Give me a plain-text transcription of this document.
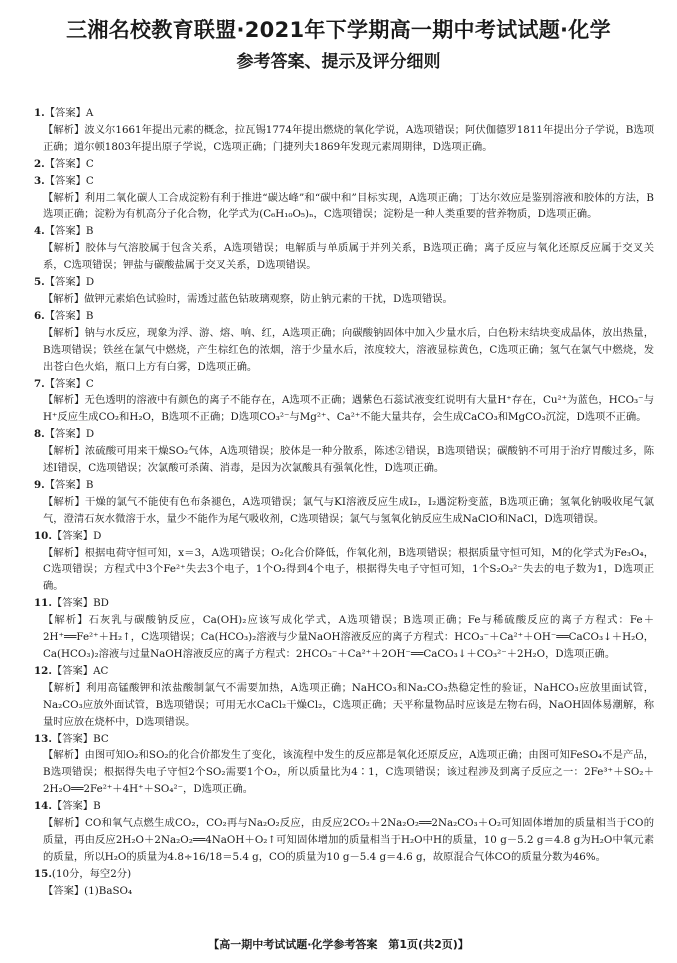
三湘名校教育联盟·2021年下学期高一期中考试试题·化学
参考答案、提示及评分细则

1.【答案】A

【解析】波义尔1661年提出元素的概念，拉瓦锡1774年提出燃烧的氧化学说，A选项错误；阿伏伽德罗1811年提出分子学说，B选项正确；道尔顿1803年提出原子学说，C选项正确；门捷列夫1869年发现元素周期律，D选项正确。

2.【答案】C

3.【答案】C

【解析】利用二氧化碳人工合成淀粉有利于推进“碳达峰”和“碳中和”目标实现，A选项正确；丁达尔效应是鉴别溶液和胶体的方法，B选项正确；淀粉为有机高分子化合物，化学式为(C₆H₁₀O₅)ₙ，C选项错误；淀粉是一种人类重要的营养物质，D选项正确。

4.【答案】B

【解析】胶体与气溶胶属于包含关系，A选项错误；电解质与单质属于并列关系，B选项正确；离子反应与氧化还原反应属于交叉关系，C选项错误；钾盐与碳酸盐属于交叉关系，D选项错误。

5.【答案】D

【解析】做钾元素焰色试验时，需透过蓝色钴玻璃观察，防止钠元素的干扰，D选项错误。

6.【答案】B

【解析】钠与水反应，现象为浮、游、熔、响、红，A选项正确；向碳酸钠固体中加入少量水后，白色粉末结块变成晶体，放出热量，B选项错误；铁丝在氯气中燃烧，产生棕红色的浓烟，溶于少量水后，浓度较大，溶液显棕黄色，C选项正确；氢气在氯气中燃烧，发出苍白色火焰，瓶口上方有白雾，D选项正确。

7.【答案】C

【解析】无色透明的溶液中有颜色的离子不能存在，A选项不正确；遇紫色石蕊试液变红说明有大量H⁺存在，Cu²⁺为蓝色，HCO₃⁻与H⁺反应生成CO₂和H₂O，B选项不正确；D选项CO₃²⁻与Mg²⁺、Ca²⁺不能大量共存，会生成CaCO₃和MgCO₃沉淀，D选项不正确。

8.【答案】D

【解析】浓硫酸可用来干燥SO₂气体，A选项错误；胶体是一种分散系，陈述②错误，B选项错误；碳酸钠不可用于治疗胃酸过多，陈述Ⅰ错误，C选项错误；次氯酸可杀菌、消毒，是因为次氯酸具有强氧化性，D选项正确。

9.【答案】B

【解析】干燥的氯气不能使有色布条褪色，A选项错误；氯气与KI溶液反应生成I₂，I₂遇淀粉变蓝，B选项正确；氢氧化钠吸收尾气氯气，澄清石灰水微溶于水，量少不能作为尾气吸收剂，C选项错误；氯气与氢氧化钠反应生成NaClO和NaCl，D选项错误。

10.【答案】D

【解析】根据电荷守恒可知，x＝3，A选项错误；O₂化合价降低，作氧化剂，B选项错误；根据质量守恒可知，M的化学式为Fe₃O₄，C选项错误；方程式中3个Fe²⁺失去3个电子，1个O₂得到4个电子，根据得失电子守恒可知，1个S₂O₃²⁻失去的电子数为1，D选项正确。

11.【答案】BD

【解析】石灰乳与碳酸钠反应，Ca(OH)₂应该写成化学式，A选项错误；B选项正确；Fe与稀硫酸反应的离子方程式：Fe＋2H⁺══Fe²⁺＋H₂↑，C选项错误；Ca(HCO₃)₂溶液与少量NaOH溶液反应的离子方程式：HCO₃⁻＋Ca²⁺＋OH⁻══CaCO₃↓＋H₂O，Ca(HCO₃)₂溶液与过量NaOH溶液反应的离子方程式：2HCO₃⁻＋Ca²⁺＋2OH⁻══CaCO₃↓＋CO₃²⁻＋2H₂O，D选项正确。

12.【答案】AC

【解析】利用高锰酸钾和浓盐酸制氯气不需要加热，A选项正确；NaHCO₃和Na₂CO₃热稳定性的验证，NaHCO₃应放里面试管，Na₂CO₃应放外面试管，B选项错误；可用无水CaCl₂干燥Cl₂，C选项正确；天平称量物品时应该是左物右码，NaOH固体易潮解，称量时应放在烧杯中，D选项错误。

13.【答案】BC

【解析】由图可知O₂和SO₂的化合价都发生了变化，该流程中发生的反应都是氧化还原反应，A选项正确；由图可知FeSO₄不是产品，B选项错误；根据得失电子守恒2个SO₂需要1个O₂，所以质量比为4∶1，C选项错误；该过程涉及到离子反应之一：2Fe³⁺＋SO₂＋2H₂O══2Fe²⁺＋4H⁺＋SO₄²⁻，D选项正确。

14.【答案】B

【解析】CO和氧气点燃生成CO₂，CO₂再与Na₂O₂反应，由反应2CO₂＋2Na₂O₂══2Na₂CO₃＋O₂可知固体增加的质量相当于CO的质量，再由反应2H₂O＋2Na₂O₂══4NaOH＋O₂↑可知固体增加的质量相当于H₂O中H的质量，10 g－5.2 g＝4.8 g为H₂O中氧元素的质量，所以H₂O的质量为4.8÷16/18＝5.4 g，CO的质量为10 g－5.4 g＝4.6 g，故原混合气体CO的质量分数为46%。

15.(10分，每空2分)

【答案】(1)BaSO₄

【高一期中考试试题·化学参考答案　第1页(共2页)】
